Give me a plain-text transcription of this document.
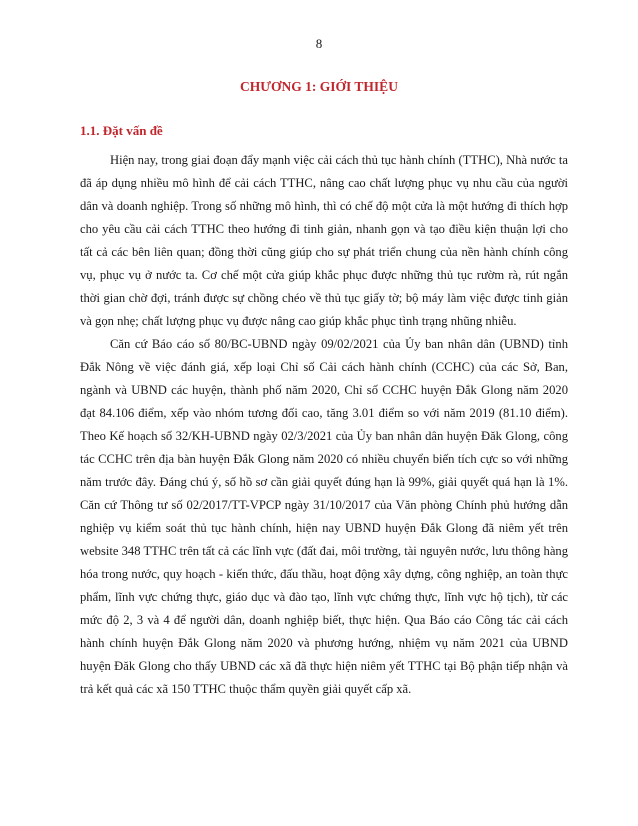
8
CHƯƠNG 1: GIỚI THIỆU
1.1. Đặt vấn đề

Hiện nay, trong giai đoạn đẩy mạnh việc cải cách thủ tục hành chính (TTHC), Nhà nước ta đã áp dụng nhiều mô hình để cải cách TTHC, nâng cao chất lượng phục vụ nhu cầu của người dân và doanh nghiệp. Trong số những mô hình, thì có chế độ một cửa là một hướng đi thích hợp cho yêu cầu cải cách TTHC theo hướng đi tinh giản, nhanh gọn và tạo điều kiện thuận lợi cho tất cả các bên liên quan; đồng thời cũng giúp cho sự phát triển chung của nền hành chính công vụ, phục vụ ở nước ta. Cơ chế một cửa giúp khắc phục được những thủ tục rườm rà, rút ngắn thời gian chờ đợi, tránh được sự chồng chéo về thủ tục giấy tờ; bộ máy làm việc được tinh giản và gọn nhẹ; chất lượng phục vụ được nâng cao giúp khắc phục tình trạng nhũng nhiễu.

Căn cứ Báo cáo số 80/BC-UBND ngày 09/02/2021 của Ủy ban nhân dân (UBND) tỉnh Đắk Nông về việc đánh giá, xếp loại Chỉ số Cải cách hành chính (CCHC) của các Sở, Ban, ngành và UBND các huyện, thành phố năm 2020, Chỉ số CCHC huyện Đắk Glong năm 2020 đạt 84.106 điểm, xếp vào nhóm tương đối cao, tăng 3.01 điểm so với năm 2019 (81.10 điểm). Theo Kế hoạch số 32/KH-UBND ngày 02/3/2021 của Ủy ban nhân dân huyện Đăk Glong, công tác CCHC trên địa bàn huyện Đắk Glong năm 2020 có nhiều chuyển biến tích cực so với những năm trước đây. Đáng chú ý, số hồ sơ cần giải quyết đúng hạn là 99%, giải quyết quá hạn là 1%. Căn cứ Thông tư số 02/2017/TT-VPCP ngày 31/10/2017 của Văn phòng Chính phủ hướng dẫn nghiệp vụ kiểm soát thủ tục hành chính, hiện nay UBND huyện Đắk Glong đã niêm yết trên website 348 TTHC trên tất cả các lĩnh vực (đất đai, môi trường, tài nguyên nước, lưu thông hàng hóa trong nước, quy hoạch - kiến thức, đấu thầu, hoạt động xây dựng, công nghiệp, an toàn thực phẩm, lĩnh vực chứng thực, giáo dục và đào tạo, lĩnh vực chứng thực, lĩnh vực hộ tịch), từ các mức độ 2, 3 và 4 để người dân, doanh nghiệp biết, thực hiện. Qua Báo cáo Công tác cải cách hành chính huyện Đắk Glong năm 2020 và phương hướng, nhiệm vụ năm 2021 của UBND huyện Đăk Glong cho thấy UBND các xã đã thực hiện niêm yết TTHC tại Bộ phận tiếp nhận và trả kết quả các xã 150 TTHC thuộc thẩm quyền giải quyết cấp xã.
